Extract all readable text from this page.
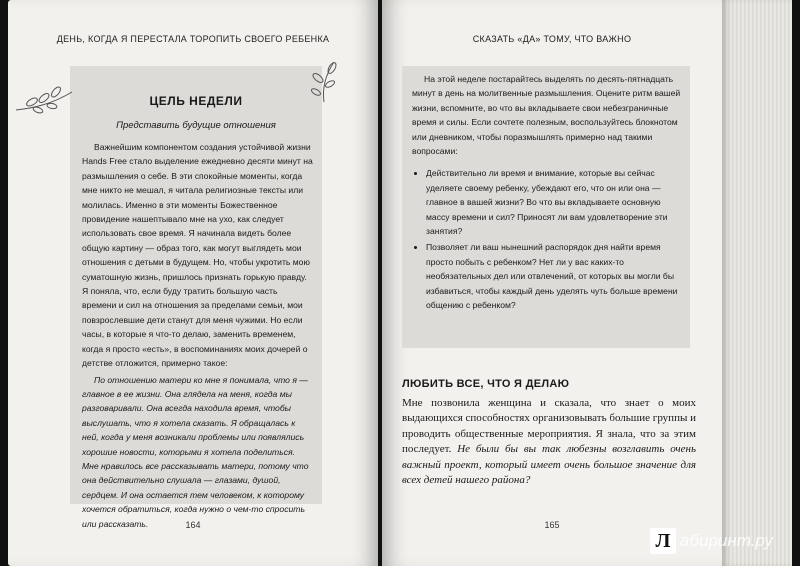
ДЕНЬ, КОГДА Я ПЕРЕСТАЛА ТОРОПИТЬ СВОЕГО РЕБЕНКА
ЦЕЛЬ НЕДЕЛИ
Представить будущие отношения

Важнейшим компонентом создания устойчивой жизни Hands Free стало выделение ежедневно десяти минут на размышления о себе. В эти спокойные моменты, когда мне никто не мешал, я читала религиозные тексты или молилась. Именно в эти моменты Божественное провидение нашептывало мне на ухо, как следует использовать свое время. Я начинала видеть более общую картину — образ того, как могут выглядеть мои отношения с детьми в будущем. Но, чтобы укротить мою суматошную жизнь, пришлось признать горькую правду. Я поняла, что, если буду тратить большую часть времени и сил на отношения за пределами семьи, мои повзрослевшие дети станут для меня чужими. Но если часы, в которые я что-то делаю, заменить временем, когда я просто «есть», в воспоминаниях моих дочерей о детстве отложится, примерно такое:

По отношению матери ко мне я понимала, что я — главное в ее жизни. Она глядела на меня, когда мы разговаривали. Она всегда находила время, чтобы выслушать, что я хотела сказать. Я обращалась к ней, когда у меня возникали проблемы или появлялись хорошие новости, которыми я хотела поделиться. Мне нравилось все рассказывать матери, потому что она действительно слушала — глазами, душой, сердцем. И она остается тем человеком, к которому хочется обратиться, когда нужно о чем-то спросить или рассказать.	164
СКАЗАТЬ «ДА» ТОМУ, ЧТО ВАЖНО

На этой неделе постарайтесь выделять по десять-пятнадцать минут в день на молитвенные размышления. Оцените ритм вашей жизни, вспомните, во что вы вкладываете свои небезграничные время и силы. Если сочтете полезным, воспользуйтесь блокнотом или дневником, чтобы поразмышлять примерно над такими вопросами:

• Действительно ли время и внимание, которые вы сейчас уделяете своему ребенку, убеждают его, что он или она — главное в вашей жизни? Во что вы вкладываете основную массу времени и сил? Приносят ли вам удовлетворение эти занятия?
• Позволяет ли ваш нынешний распорядок дня найти время просто побыть с ребенком? Нет ли у вас каких-то необязательных дел или отвлечений, от которых вы могли бы избавиться, чтобы каждый день уделять чуть больше времени общению с ребенком?
ЛЮБИТЬ ВСЕ, ЧТО Я ДЕЛАЮ
Мне позвонила женщина и сказала, что знает о моих выдающихся способностях организовывать большие группы и проводить общественные мероприятия. Я знала, что за этим последует. Не были бы вы так любезны возглавить очень важный проект, который имеет очень большое значение для всех детей нашего района?
165
Л абиринт.ру
